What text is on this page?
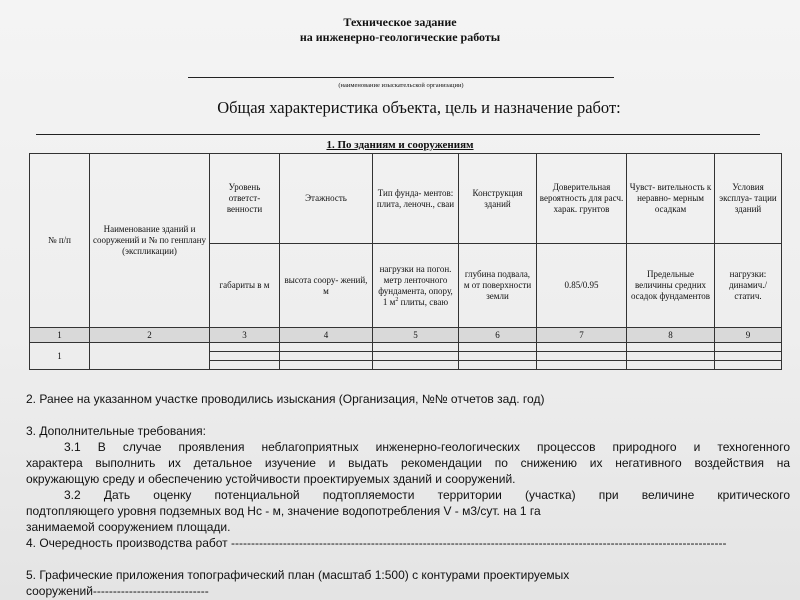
Техническое задание
на инженерно-геологические работы
(наименование изыскательской организации)
Общая характеристика объекта, цель и назначение работ:
1. По зданиям и сооружениям
№ п/п	Наименование зданий и сооружений и № по генплану (экспликации)	Уровень ответст- венности	Этажность	Тип фунда- ментов: плита, леночн., сваи	Конструкция зданий	Доверительная вероятность для расч. харак. грунтов	Чувст- вительность к неравно- мерным осадкам	Условия эксплуа- тации зданий
		габариты в м	высота соору- жений, м	нагрузки на погон. метр ленточного фундамента, опору, 1 $м^2$ плиты, сваю	глубина подвала, м от поверхности земли	0.85/0.95	Предельные величины средних осадок фундаментов	нагрузки: динамич./ статич.
1	2	3	4	5	6	7	8	9
1								

2. Ранее на указанном участке проводились изыскания (Организация, №№ отчетов зад. год)

3. Дополнительные требования:

3.1 В случае проявления неблагоприятных инженерно-геологических процессов природного и техногенного
характера выполнить их детальное изучение и выдать рекомендации по снижению их негативного воздействия на
окружающую среду и обеспечению устойчивости проектируемых зданий и сооружений.
3.2 Дать оценку потенциальной подтопляемости территории (участка) при величине критического
подтопляющего уровня подземных вод Нс - м, значение водопотребления V - м3/сут. на 1 га
занимаемой сооружением площади.

4. Очередность производства работ ----------------------------------------------------------------------------------------------------------------------------

5. Графические приложения топографический план (масштаб 1:500) с контурами проектируемых
сооружений-----------------------------
